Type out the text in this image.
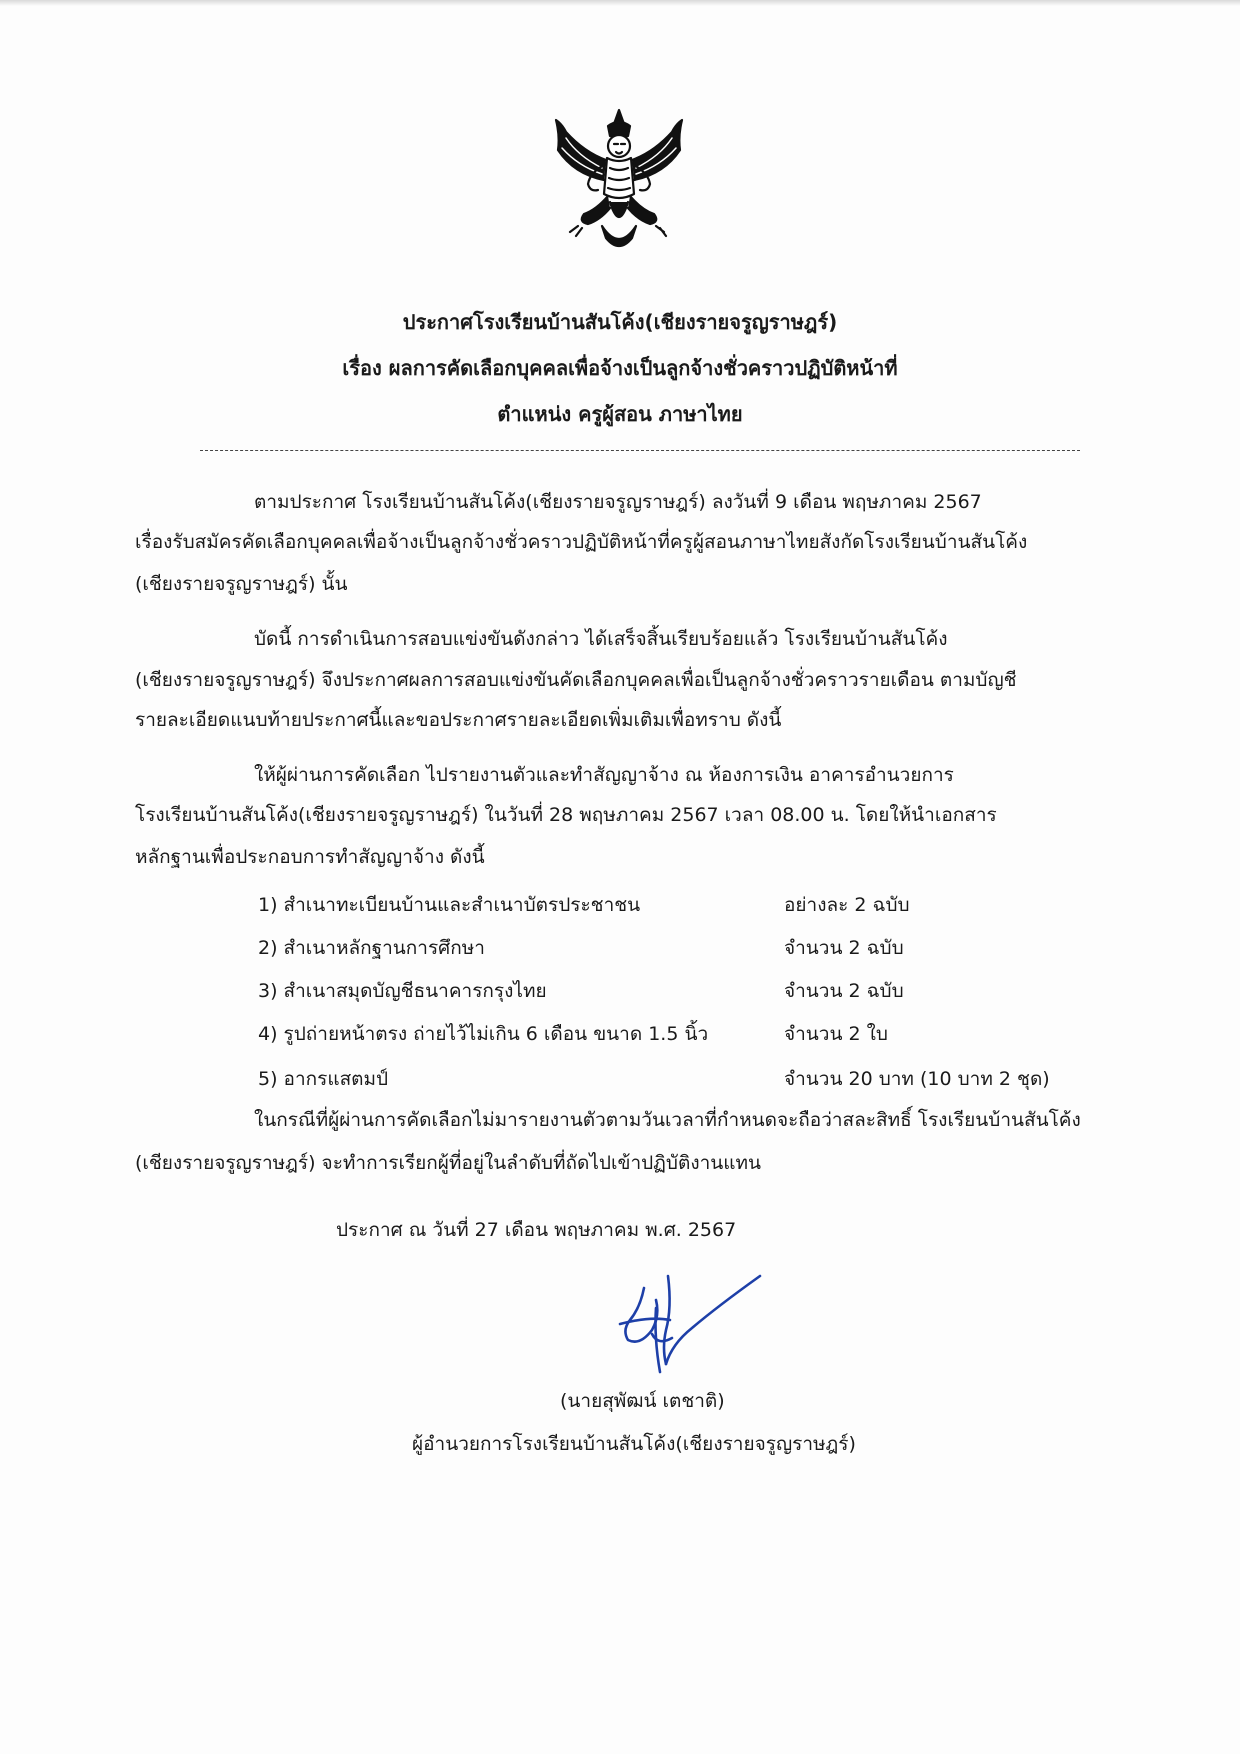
ประกาศโรงเรียนบ้านสันโค้ง(เชียงรายจรูญราษฎร์)
เรื่อง ผลการคัดเลือกบุคคลเพื่อจ้างเป็นลูกจ้างชั่วคราวปฏิบัติหน้าที่
ตำแหน่ง ครูผู้สอน ภาษาไทย
ตามประกาศ โรงเรียนบ้านสันโค้ง(เชียงรายจรูญราษฎร์) ลงวันที่ 9 เดือน พฤษภาคม 2567
เรื่องรับสมัครคัดเลือกบุคคลเพื่อจ้างเป็นลูกจ้างชั่วคราวปฏิบัติหน้าที่ครูผู้สอนภาษาไทยสังกัดโรงเรียนบ้านสันโค้ง
(เชียงรายจรูญราษฎร์) นั้น
บัดนี้ การดำเนินการสอบแข่งขันดังกล่าว ได้เสร็จสิ้นเรียบร้อยแล้ว โรงเรียนบ้านสันโค้ง
(เชียงรายจรูญราษฎร์) จึงประกาศผลการสอบแข่งขันคัดเลือกบุคคลเพื่อเป็นลูกจ้างชั่วคราวรายเดือน ตามบัญชี
รายละเอียดแนบท้ายประกาศนี้และขอประกาศรายละเอียดเพิ่มเติมเพื่อทราบ ดังนี้
ให้ผู้ผ่านการคัดเลือก ไปรายงานตัวและทำสัญญาจ้าง ณ ห้องการเงิน อาคารอำนวยการ
โรงเรียนบ้านสันโค้ง(เชียงรายจรูญราษฎร์) ในวันที่ 28 พฤษภาคม 2567 เวลา 08.00 น. โดยให้นำเอกสาร
หลักฐานเพื่อประกอบการทำสัญญาจ้าง ดังนี้
1) สำเนาทะเบียนบ้านและสำเนาบัตรประชาชน	อย่างละ 2 ฉบับ
2) สำเนาหลักฐานการศึกษา	จำนวน 2 ฉบับ
3) สำเนาสมุดบัญชีธนาคารกรุงไทย	จำนวน 2 ฉบับ
4) รูปถ่ายหน้าตรง ถ่ายไว้ไม่เกิน 6 เดือน ขนาด 1.5 นิ้ว	จำนวน 2 ใบ
5) อากรแสตมป์	จำนวน 20 บาท (10 บาท 2 ชุด)
ในกรณีที่ผู้ผ่านการคัดเลือกไม่มารายงานตัวตามวันเวลาที่กำหนดจะถือว่าสละสิทธิ์ โรงเรียนบ้านสันโค้ง
(เชียงรายจรูญราษฎร์) จะทำการเรียกผู้ที่อยู่ในลำดับที่ถัดไปเข้าปฏิบัติงานแทน
ประกาศ ณ วันที่ 27 เดือน พฤษภาคม พ.ศ. 2567
(นายสุพัฒน์ เตชาติ)
ผู้อำนวยการโรงเรียนบ้านสันโค้ง(เชียงรายจรูญราษฎร์)
